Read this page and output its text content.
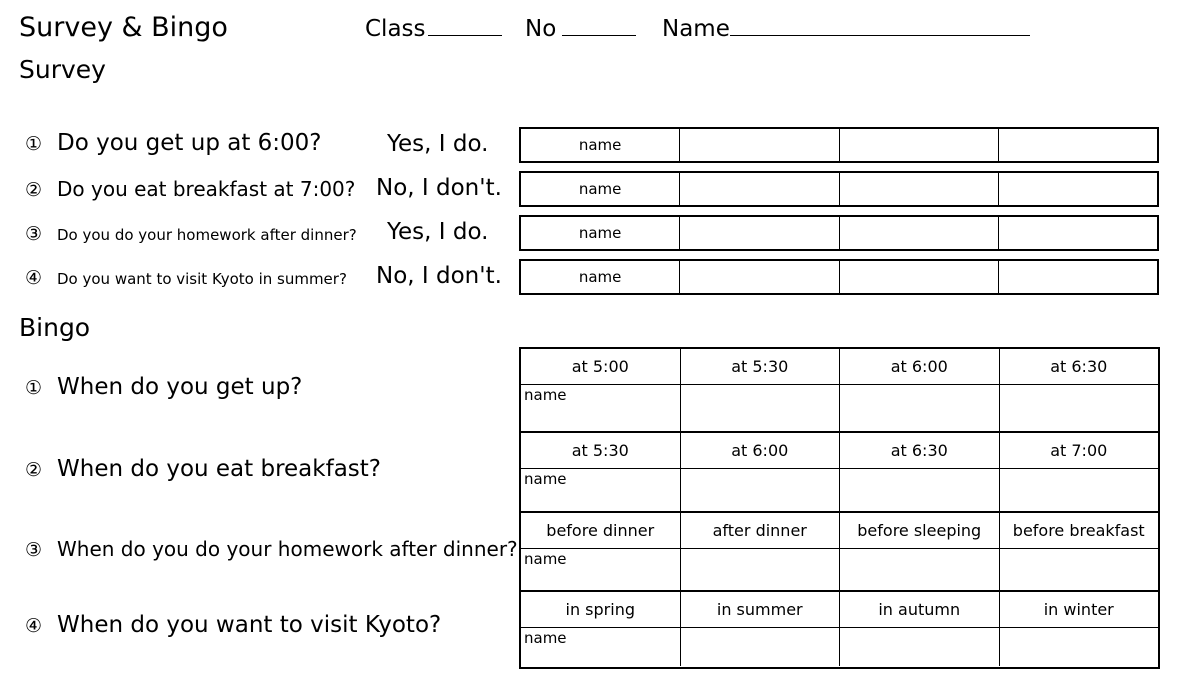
Survey & Bingo	Class	No	Name
Survey
① Do you get up at 6:00?	Yes, I do.	name
② Do you eat breakfast at 7:00? No, I don't.	name
③ Do you do your homework after dinner? Yes, I do.	name
④ Do you want to visit Kyoto in summer? No, I don't.	name
Bingo
① When do you get up?
② When do you eat breakfast?
③ When do you do your homework after dinner?
④ When do you want to visit Kyoto?
at 5:00	at 5:30	at 6:00	at 6:30
name
at 5:30	at 6:00	at 6:30	at 7:00
name
before dinner	after dinner	before sleeping	before breakfast
name
in spring	in summer	in autumn	in winter
name
